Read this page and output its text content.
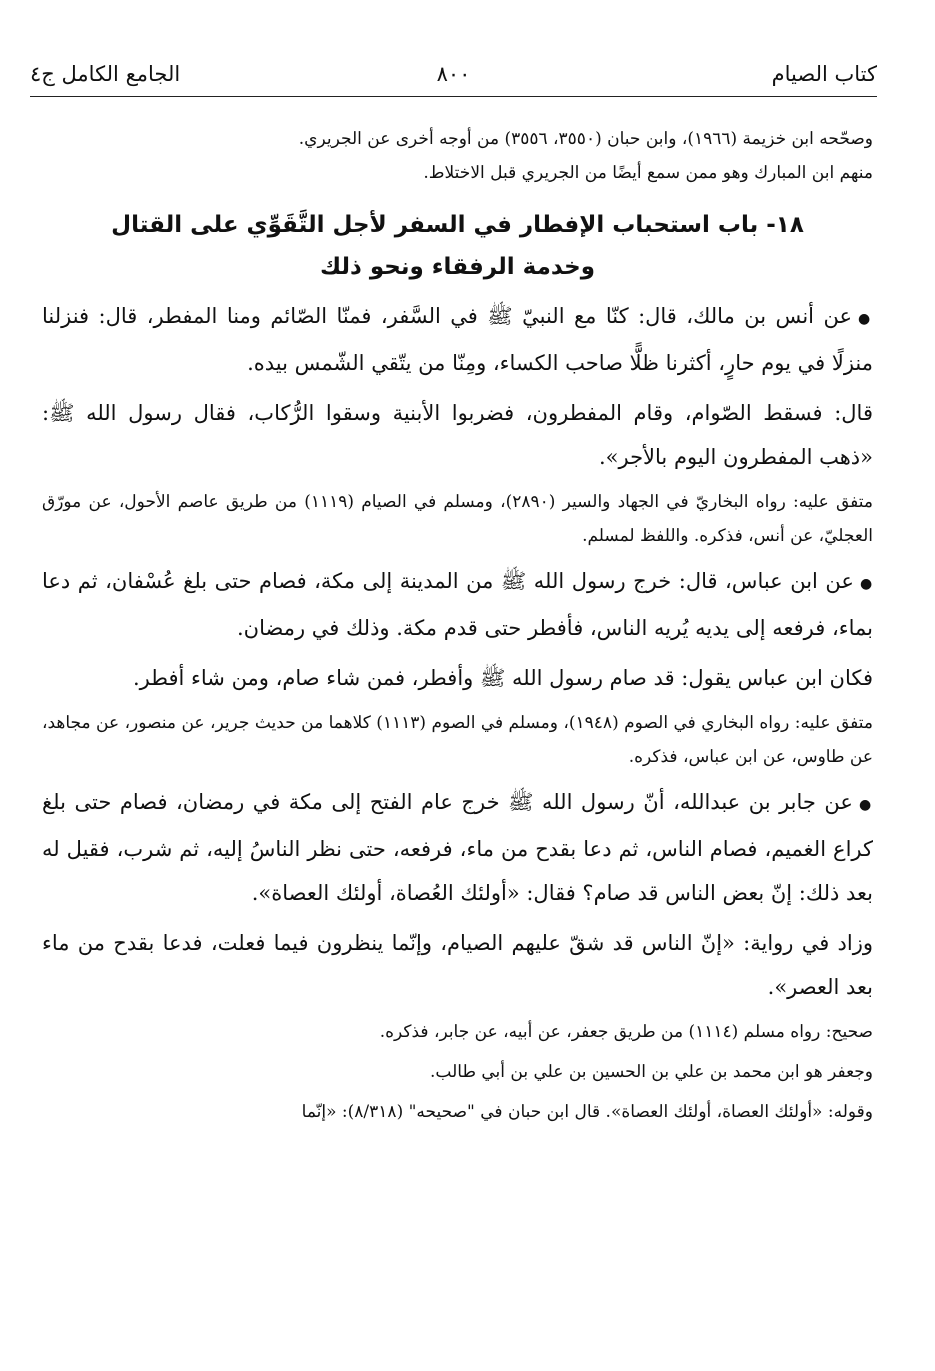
كتاب الصيام
٨٠٠
الجامع الكامل ج٤

وصحّحه ابن خزيمة (١٩٦٦)، وابن حبان (٣٥٥٠، ٣٥٥٦) من أوجه أخرى عن الجريري.

منهم ابن المبارك وهو ممن سمع أيضًا من الجريري قبل الاختلاط.

١٨- باب استحباب الإفطار في السفر لأجل التَّقَوِّي على القتال
وخدمة الرفقاء ونحو ذلك

●عن أنس بن مالك، قال: كنّا مع النبيّ ﷺ في السَّفر، فمنّا الصّائم ومنا المفطر، قال: فنزلنا منزلًا في يوم حارٍ، أكثرنا ظلًّا صاحب الكساء، ومِنّا من يتّقي الشّمس بيده.

قال: فسقط الصّوام، وقام المفطرون، فضربوا الأبنية وسقوا الرُّكاب، فقال رسول الله ﷺ: «ذهب المفطرون اليوم بالأجر».

متفق عليه: رواه البخاريّ في الجهاد والسير (٢٨٩٠)، ومسلم في الصيام (١١١٩) من طريق عاصم الأحول، عن مورّق العجليّ، عن أنس، فذكره. واللفظ لمسلم.

●عن ابن عباس، قال: خرج رسول الله ﷺ من المدينة إلى مكة، فصام حتى بلغ عُسْفان، ثم دعا بماء، فرفعه إلى يديه يُريه الناس، فأفطر حتى قدم مكة. وذلك في رمضان.

فكان ابن عباس يقول: قد صام رسول الله ﷺ وأفطر، فمن شاء صام، ومن شاء أفطر.

متفق عليه: رواه البخاري في الصوم (١٩٤٨)، ومسلم في الصوم (١١١٣) كلاهما من حديث جرير، عن منصور، عن مجاهد، عن طاوس، عن ابن عباس، فذكره.

●عن جابر بن عبدالله، أنّ رسول الله ﷺ خرج عام الفتح إلى مكة في رمضان، فصام حتى بلغ كراع الغميم، فصام الناس، ثم دعا بقدح من ماء، فرفعه، حتى نظر الناسُ إليه، ثم شرب، فقيل له بعد ذلك: إنّ بعض الناس قد صام؟ فقال: «أولئك العُصاة، أولئك العصاة».

وزاد في رواية: «إنّ الناس قد شقّ عليهم الصيام، وإنّما ينظرون فيما فعلت، فدعا بقدح من ماء بعد العصر».

صحيح: رواه مسلم (١١١٤) من طريق جعفر، عن أبيه، عن جابر، فذكره.

وجعفر هو ابن محمد بن علي بن الحسين بن علي بن أبي طالب.

وقوله: «أولئك العصاة، أولئك العصاة». قال ابن حبان في "صحيحه" (٨/٣١٨): «إنّما
